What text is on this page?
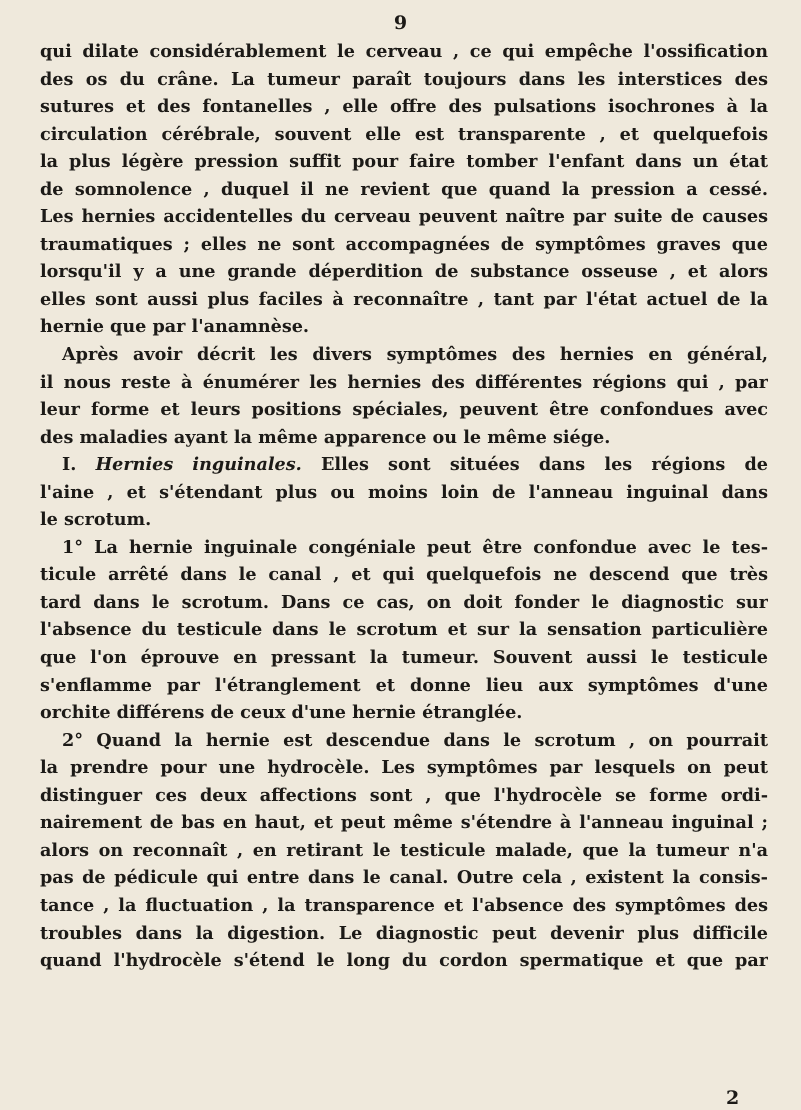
9
qui dilate considérablement le cerveau , ce qui empêche l'ossification
des os du crâne. La tumeur paraît toujours dans les interstices des
sutures et des fontanelles , elle offre des pulsations isochrones à la
circulation cérébrale, souvent elle est transparente , et quelquefois
la plus légère pression suffit pour faire tomber l'enfant dans un état
de somnolence , duquel il ne revient que quand la pression a cessé.
Les hernies accidentelles du cerveau peuvent naître par suite de causes
traumatiques ; elles ne sont accompagnées de symptômes graves que
lorsqu'il y a une grande déperdition de substance osseuse , et alors
elles sont aussi plus faciles à reconnaître , tant par l'état actuel de la
hernie que par l'anamnèse.
Après avoir décrit les divers symptômes des hernies en général,
il nous reste à énumérer les hernies des différentes régions qui , par
leur forme et leurs positions spéciales, peuvent être confondues avec
des maladies ayant la même apparence ou le même siége.
I. Hernies inguinales. Elles sont situées dans les régions de
l'aine , et s'étendant plus ou moins loin de l'anneau inguinal dans
le scrotum.
1° La hernie inguinale congéniale peut être confondue avec le tes-
ticule arrêté dans le canal , et qui quelquefois ne descend que très
tard dans le scrotum. Dans ce cas, on doit fonder le diagnostic sur
l'absence du testicule dans le scrotum et sur la sensation particulière
que l'on éprouve en pressant la tumeur. Souvent aussi le testicule
s'enflamme par l'étranglement et donne lieu aux symptômes d'une
orchite différens de ceux d'une hernie étranglée.
2° Quand la hernie est descendue dans le scrotum , on pourrait
la prendre pour une hydrocèle. Les symptômes par lesquels on peut
distinguer ces deux affections sont , que l'hydrocèle se forme ordi-
nairement de bas en haut, et peut même s'étendre à l'anneau inguinal ;
alors on reconnaît , en retirant le testicule malade, que la tumeur n'a
pas de pédicule qui entre dans le canal. Outre cela , existent la consis-
tance , la fluctuation , la transparence et l'absence des symptômes des
troubles dans la digestion. Le diagnostic peut devenir plus difficile
quand l'hydrocèle s'étend le long du cordon spermatique et que par
2
